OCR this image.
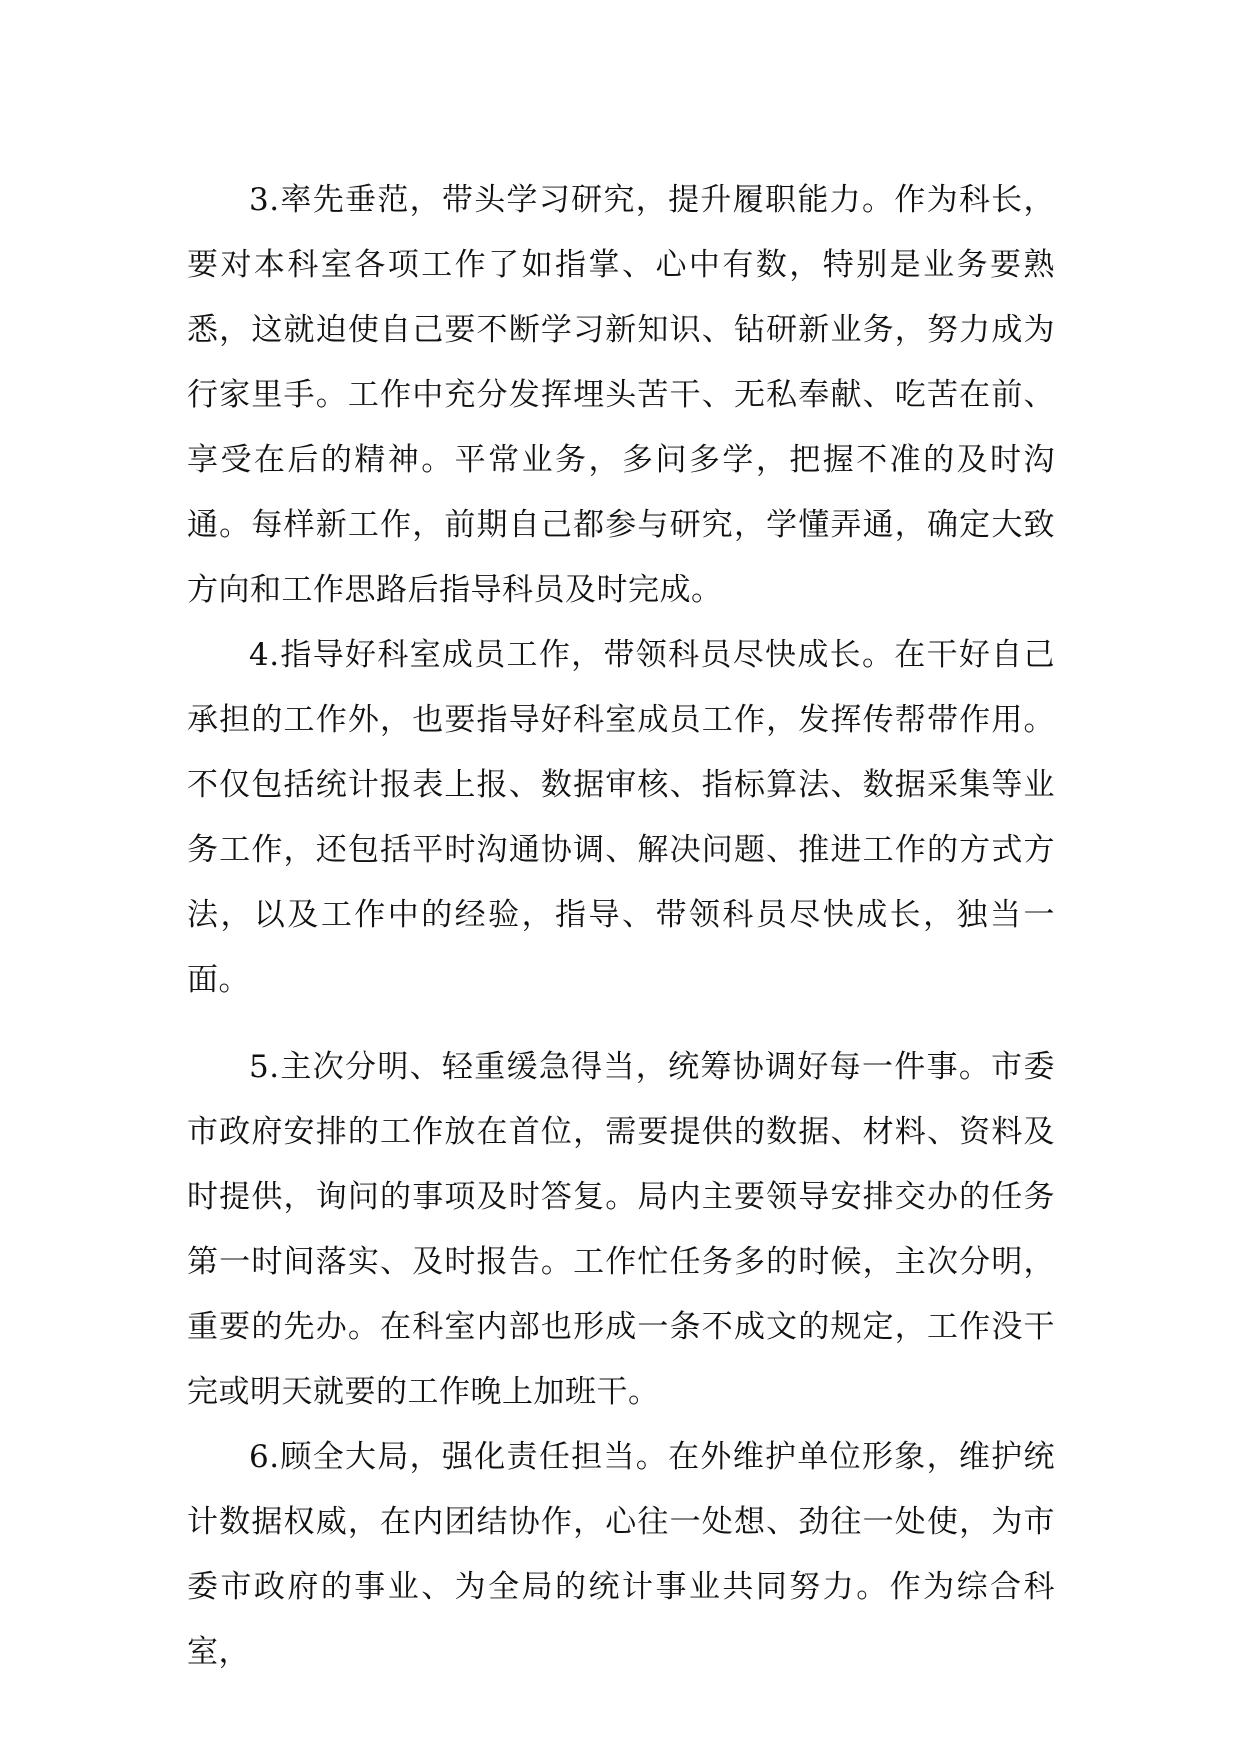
3.率先垂范，带头学习研究，提升履职能力。作为科长，要对本科室各项工作了如指掌、心中有数，特别是业务要熟悉，这就迫使自己要不断学习新知识、钻研新业务，努力成为行家里手。工作中充分发挥埋头苦干、无私奉献、吃苦在前、享受在后的精神。平常业务，多问多学，把握不准的及时沟通。每样新工作，前期自己都参与研究，学懂弄通，确定大致方向和工作思路后指导科员及时完成。

4.指导好科室成员工作，带领科员尽快成长。在干好自己承担的工作外，也要指导好科室成员工作，发挥传帮带作用。不仅包括统计报表上报、数据审核、指标算法、数据采集等业务工作，还包括平时沟通协调、解决问题、推进工作的方式方法，以及工作中的经验，指导、带领科员尽快成长，独当一面。

5.主次分明、轻重缓急得当，统筹协调好每一件事。市委市政府安排的工作放在首位，需要提供的数据、材料、资料及时提供，询问的事项及时答复。局内主要领导安排交办的任务第一时间落实、及时报告。工作忙任务多的时候，主次分明，重要的先办。在科室内部也形成一条不成文的规定，工作没干完或明天就要的工作晚上加班干。

6.顾全大局，强化责任担当。在外维护单位形象，维护统计数据权威，在内团结协作，心往一处想、劲往一处使，为市委市政府的事业、为全局的统计事业共同努力。作为综合科室，
